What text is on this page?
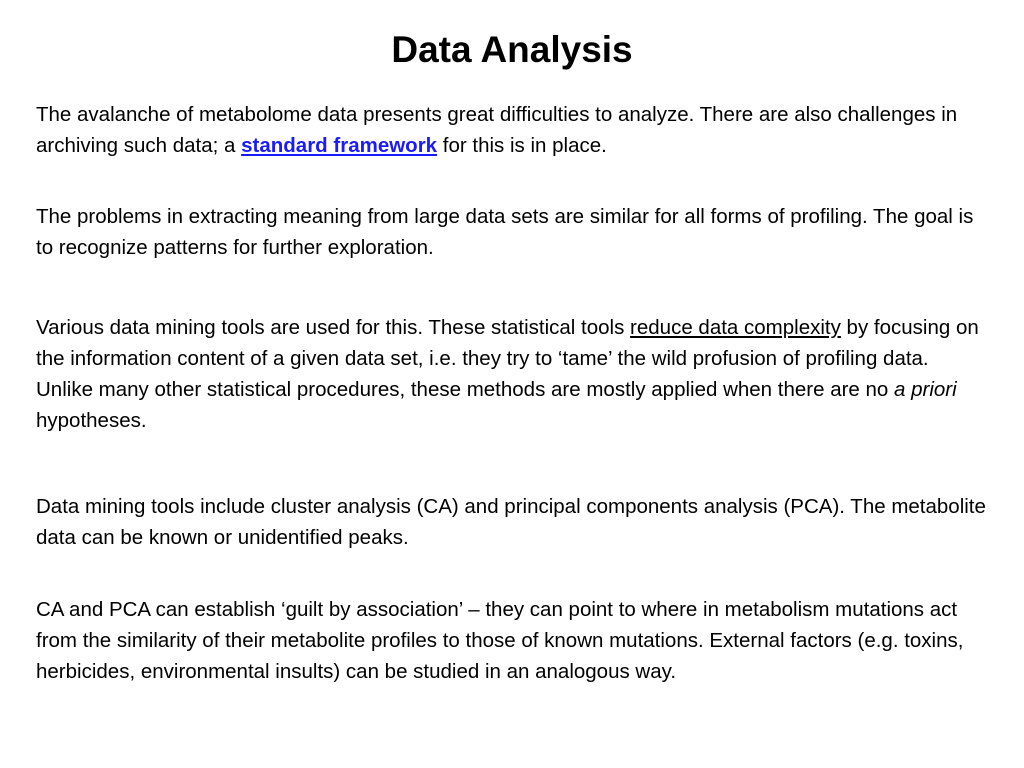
Data Analysis

The avalanche of metabolome data presents great difficulties to analyze. There are also challenges in archiving such data; a standard framework for this is in place.

The problems in extracting meaning from large data sets are similar for all forms of profiling. The goal is to recognize patterns for further exploration.

Various data mining tools are used for this. These statistical tools reduce data complexity by focusing on the information content of a given data set, i.e. they try to ‘tame’ the wild profusion of profiling data. Unlike many other statistical procedures, these methods are mostly applied when there are no a priori hypotheses.

Data mining tools include cluster analysis (CA) and principal components analysis (PCA). The metabolite data can be known or unidentified peaks.

CA and PCA can establish ‘guilt by association’ – they can point to where in metabolism mutations act from the similarity of their metabolite profiles to those of known mutations. External factors (e.g. toxins, herbicides, environmental insults) can be studied in an analogous way.
